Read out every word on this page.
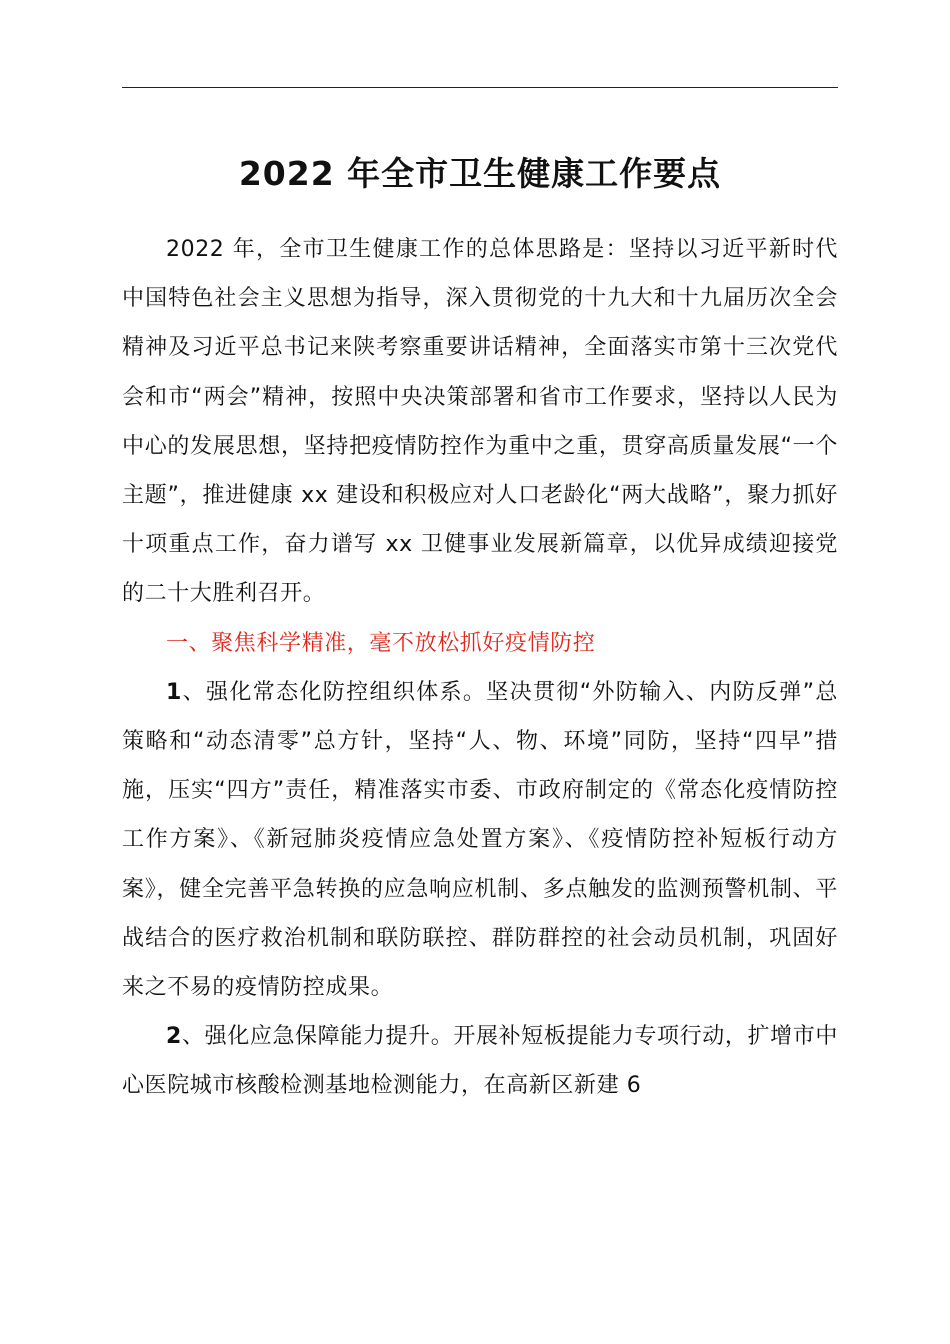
2022 年全市卫生健康工作要点

2022 年，全市卫生健康工作的总体思路是：坚持以习近平新时代中国特色社会主义思想为指导，深入贯彻党的十九大和十九届历次全会精神及习近平总书记来陕考察重要讲话精神，全面落实市第十三次党代会和市“两会”精神，按照中央决策部署和省市工作要求，坚持以人民为中心的发展思想，坚持把疫情防控作为重中之重，贯穿高质量发展“一个主题”，推进健康 xx 建设和积极应对人口老龄化“两大战略”，聚力抓好十项重点工作，奋力谱写 xx 卫健事业发展新篇章，以优异成绩迎接党的二十大胜利召开。

一、聚焦科学精准，毫不放松抓好疫情防控

1、强化常态化防控组织体系。坚决贯彻“外防输入、内防反弹”总策略和“动态清零”总方针，坚持“人、物、环境”同防，坚持“四早”措施，压实“四方”责任，精准落实市委、市政府制定的《常态化疫情防控工作方案》、《新冠肺炎疫情应急处置方案》、《疫情防控补短板行动方案》，健全完善平急转换的应急响应机制、多点触发的监测预警机制、平战结合的医疗救治机制和联防联控、群防群控的社会动员机制，巩固好来之不易的疫情防控成果。

2、强化应急保障能力提升。开展补短板提能力专项行动，扩增市中心医院城市核酸检测基地检测能力，在高新区新建 6
